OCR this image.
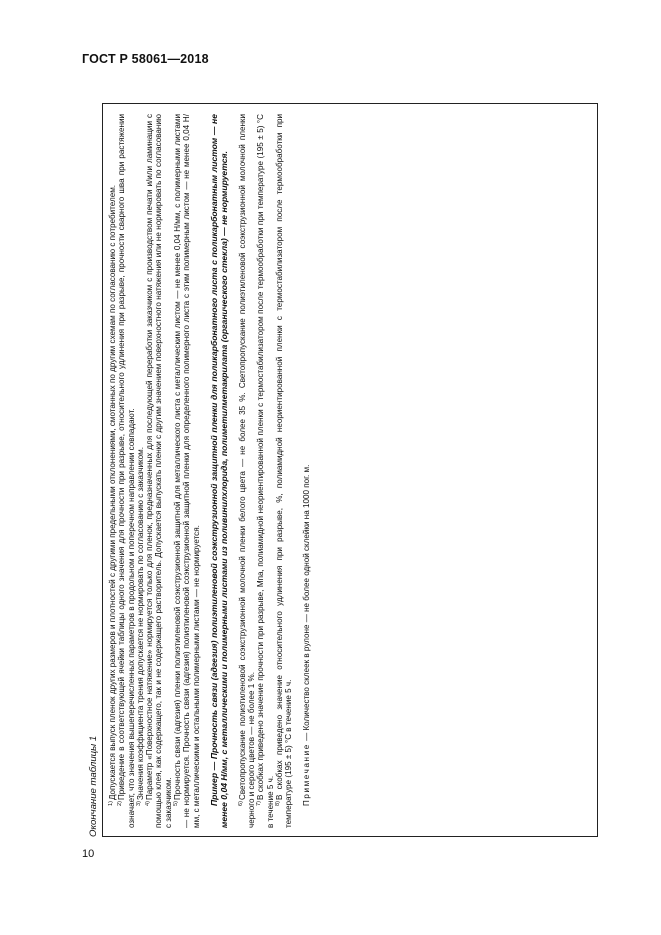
ГОСТ Р 58061—2018
Окончание таблицы 1 $^{1)}$Допускается выпуск пленок других размеров и плотностей с другими предельными отклонениями, смотанных по другим схемам по согласованию с потребителем.

$^{2)}$Приведение в соответствующей ячейки таблицы одного значения для прочности при разрыве, относительного удлинения при разрыве, прочности сварного шва при растяжении означает, что значения вышеперечисленных параметров в продольном и поперечном направлении совпадают. $^{3)}$Значения коэффициента трения допускается не нормировать по согласованию с заказчиком.

$^{4)}$Параметр «Поверхностное натяжение» нормируется только для пленок, предназначенных для последующей переработки заказчиком с производством печати и/или ламинации с помощью клея, как содержащего, так и не содержащего растворитель. Допускается выпускать пленки с другим значением поверхностного натяжения или не нормировать по согласованию с заказчиком. $^{5)}$Прочность связи (адгезия) пленки полиэтиленовой соэкструзионной защитной для металлического листа с металлическим листом — не менее 0,04 Н/мм, с полимерными листами — не нормируется. Прочность связи (адгезия) полиэтиленовой соэкструзионной защитной пленки для определенного полимерного листа с этим полимерным листом — не менее 0,04 Н/мм, с металлическими и остальными полимерными листами — не нормируется. Пример — Прочность связи (адгезия) полиэтиленовой соэкструзионной защитной пленки для поликарбонатного листа с поликарбонатным листом — не менее 0,04 Н/мм, с металлическими и полимерными листами из поливинилхлорида, полиметилметакрилата (органического стекла) — не нормируется. $^{6)}$Светопропускание полиэтиленовой соэкструзионной молочной пленки белого цвета — не более 35 %. Светопропускание полиэтиленовой соэкструзионной молочной пленки черного и серого цветов — не более 1 %. $^{7)}$В скобках приведено значение прочности при разрыве, Мпа, полиамидной неориентированной пленки с термостабилизатором после термообработки при температуре (195 ± 5) °С в течение 5 ч. $^{8)}$В скобках приведено значение относительного удлинения при разрыве, %, полиамидной неориентированной пленки с термостабилизатором после термообработки при температуре (195 ± 5) °С в течение 5 ч. Примечание — Количество склеек в рулоне — не более одной склейки на 1000 пог. м.

10
